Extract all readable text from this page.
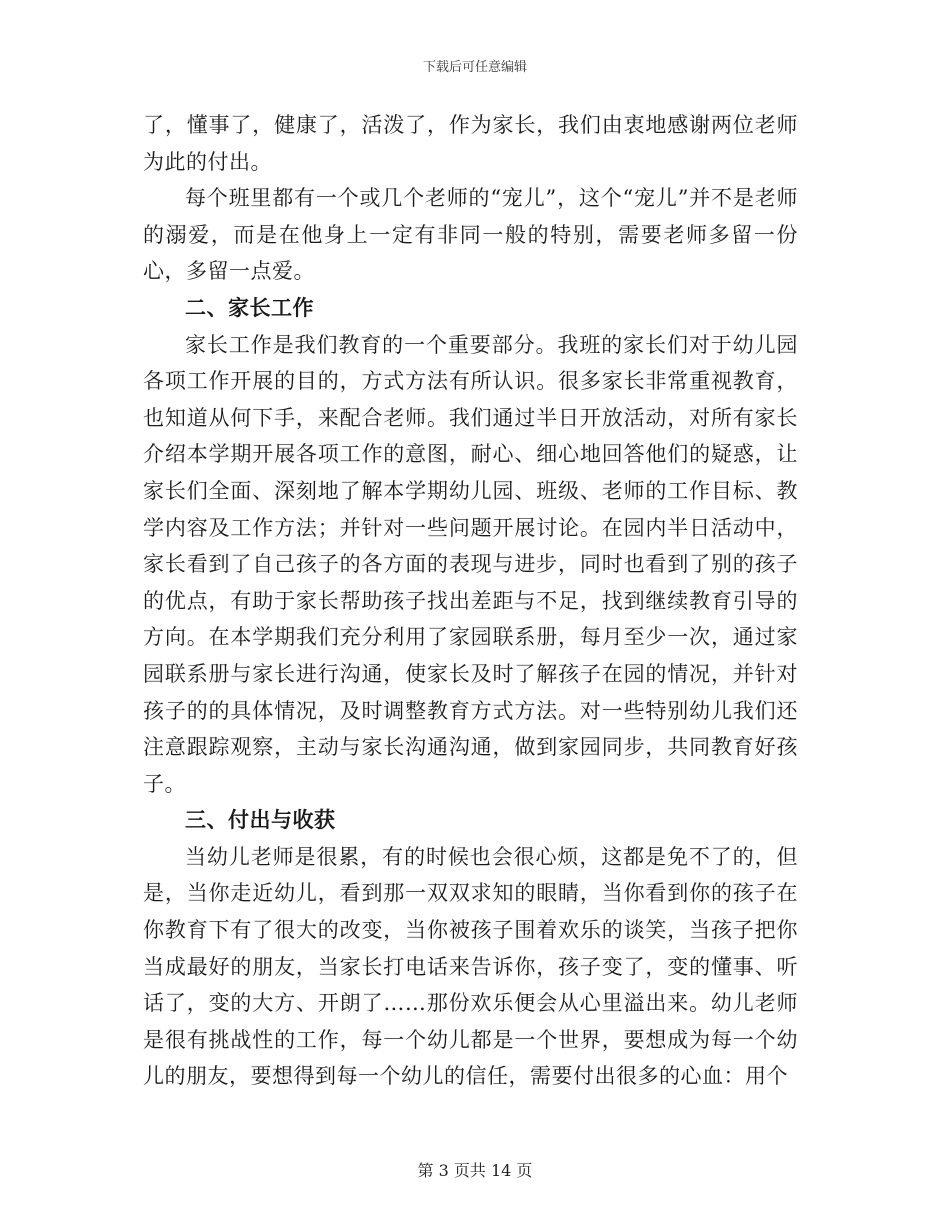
下载后可任意编辑

了，懂事了，健康了，活泼了，作为家长，我们由衷地感谢两位老师为此的付出。

每个班里都有一个或几个老师的“宠儿”，这个“宠儿”并不是老师的溺爱，而是在他身上一定有非同一般的特别，需要老师多留一份心，多留一点爱。

二、家长工作

家长工作是我们教育的一个重要部分。我班的家长们对于幼儿园各项工作开展的目的，方式方法有所认识。很多家长非常重视教育，也知道从何下手，来配合老师。我们通过半日开放活动，对所有家长介绍本学期开展各项工作的意图，耐心、细心地回答他们的疑惑，让家长们全面、深刻地了解本学期幼儿园、班级、老师的工作目标、教学内容及工作方法；并针对一些问题开展讨论。在园内半日活动中，家长看到了自己孩子的各方面的表现与进步，同时也看到了别的孩子的优点，有助于家长帮助孩子找出差距与不足，找到继续教育引导的方向。在本学期我们充分利用了家园联系册，每月至少一次，通过家园联系册与家长进行沟通，使家长及时了解孩子在园的情况，并针对孩子的的具体情况，及时调整教育方式方法。对一些特别幼儿我们还注意跟踪观察，主动与家长沟通沟通，做到家园同步，共同教育好孩子。

三、付出与收获

当幼儿老师是很累，有的时候也会很心烦，这都是免不了的，但是，当你走近幼儿，看到那一双双求知的眼睛，当你看到你的孩子在你教育下有了很大的改变，当你被孩子围着欢乐的谈笑，当孩子把你当成最好的朋友，当家长打电话来告诉你，孩子变了，变的懂事、听话了，变的大方、开朗了……那份欢乐便会从心里溢出来。幼儿老师是很有挑战性的工作，每一个幼儿都是一个世界，要想成为每一个幼儿的朋友，要想得到每一个幼儿的信任，需要付出很多的心血：用个

第 3 页共 14 页
